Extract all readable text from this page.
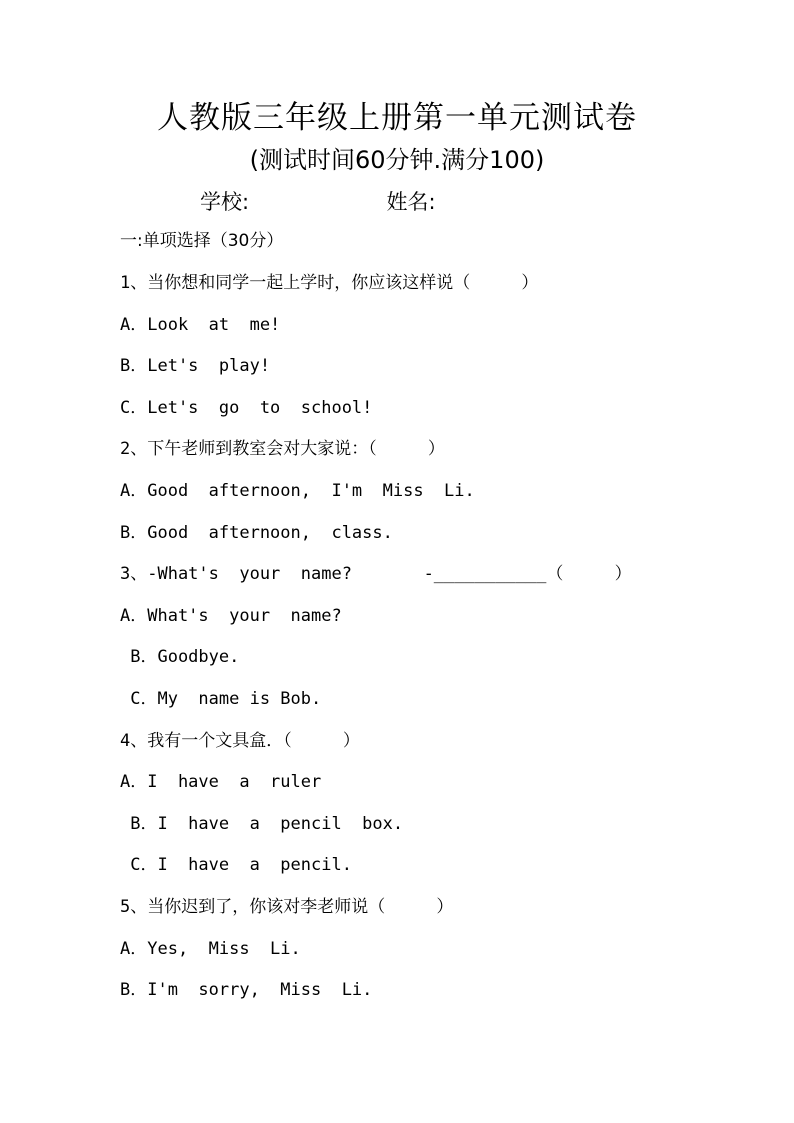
人教版三年级上册第一单元测试卷
(测试时间60分钟.满分100)
学校:	姓名:
一:单项选择（30分）
1、当你想和同学一起上学时，你应该这样说（     ）
A．Look  at  me!
B．Let's  play!
C．Let's  go  to  school!
2、下午老师到教室会对大家说：（     ）
A．Good  afternoon,  I'm  Miss  Li.
B．Good  afternoon,  class.
3、-What's  your  name?       -___________（     ）
A．What's  your  name?
B．Goodbye.
C．My  name is Bob.
4、我有一个文具盒．（     ）
A．I  have  a  ruler
B．I  have  a  pencil  box.
C．I  have  a  pencil.
5、当你迟到了，你该对李老师说（     ）
A．Yes,  Miss  Li.
B．I'm  sorry,  Miss  Li.
